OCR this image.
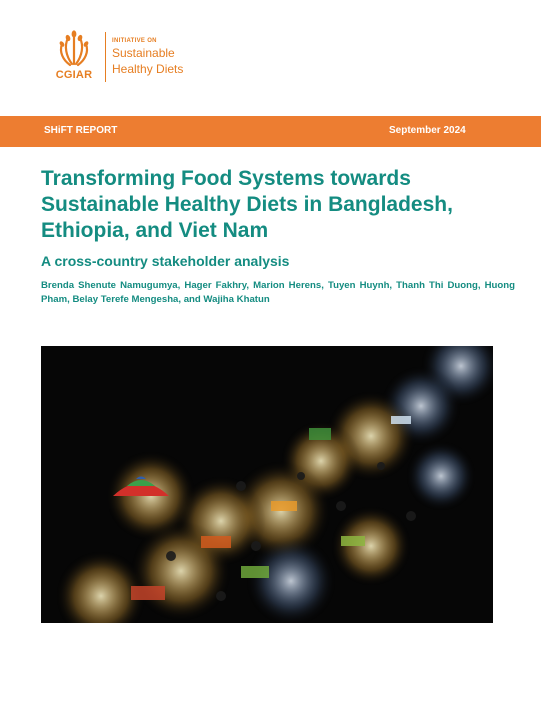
CGIAR
INITIATIVE ON
Sustainable
Healthy Diets
SHiFT REPORT	September 2024
Transforming Food Systems towards Sustainable Healthy Diets in Bangladesh, Ethiopia, and Viet Nam
A cross-country stakeholder analysis

Brenda Shenute Namugumya, Hager Fakhry, Marion Herens, Tuyen Huynh, Thanh Thi Duong, Huong Pham, Belay Terefe Mengesha, and Wajiha Khatun
